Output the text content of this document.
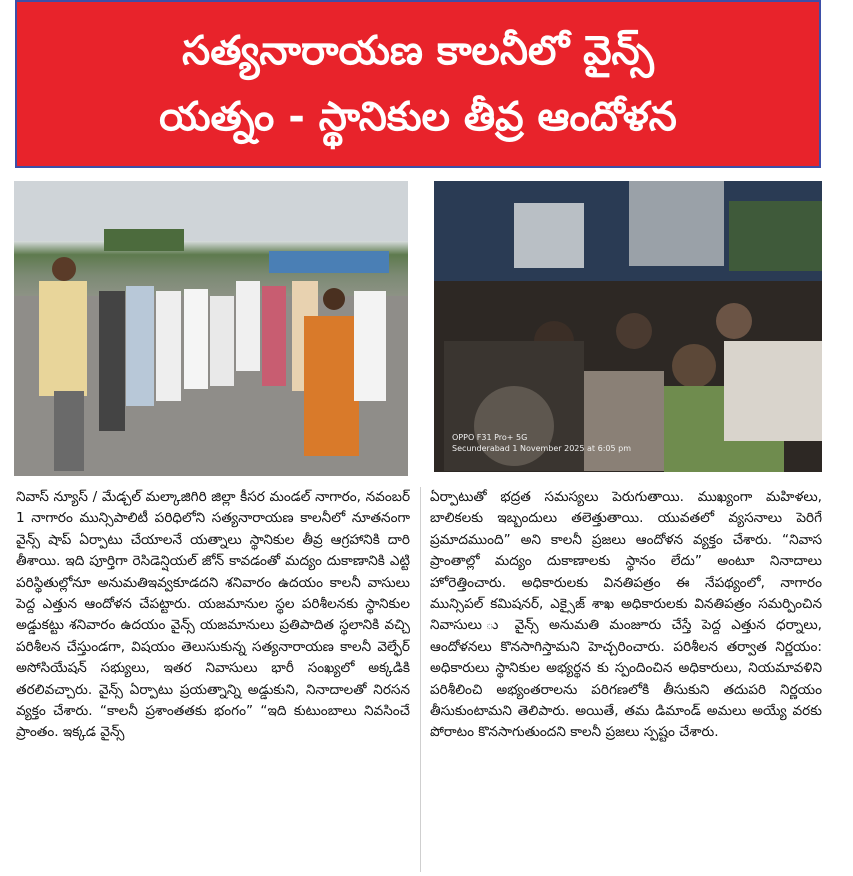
సత్యనారాయణ కాలనీలో వైన్స్
యత్నం - స్థానికుల తీవ్ర ఆందోళన
OPPO F31 Pro+ 5G
Secunderabad 1 November 2025 at 6:05 pm

నివాస్ న్యూస్ / మేడ్చల్ మల్కాజిగిరి జిల్లా కీసర మండల్ నాగారం, నవంబర్ 1 నాగారం మున్సిపాలిటీ పరిధిలోని సత్యనారాయణ కాలనీలో నూతనంగా వైన్స్ షాప్ ఏర్పాటు చేయాలనే యత్నాలు స్థానికుల తీవ్ర ఆగ్రహానికి దారి తీశాయి. ఇది పూర్తిగా రెసిడెన్షియల్ జోన్ కావడంతో మద్యం దుకాణానికి ఎట్టి పరిస్థితుల్లోనూ అనుమతిఇవ్వకూడదని శనివారం ఉదయం కాలనీ వాసులు పెద్ద ఎత్తున ఆందోళన చేపట్టారు. యజమానుల స్థల పరిశీలనకు స్థానికుల అడ్డుకట్టు శనివారం ఉదయం వైన్స్ యజమానులు ప్రతిపాదిత స్థలానికి వచ్చి పరిశీలన చేస్తుండగా, విషయం తెలుసుకున్న సత్యనారాయణ కాలనీ వెల్ఫేర్ అసోసియేషన్ సభ్యులు, ఇతర నివాసులు భారీ సంఖ్యలో అక్కడికి తరలివచ్చారు. వైన్స్ ఏర్పాటు ప్రయత్నాన్ని అడ్డుకుని, నినాదాలతో నిరసన వ్యక్తం చేశారు. “కాలనీ ప్రశాంతతకు భంగం” “ఇది కుటుంబాలు నివసించే ప్రాంతం. ఇక్కడ వైన్స్

ఏర్పాటుతో భద్రత సమస్యలు పెరుగుతాయి. ముఖ్యంగా మహిళలు, బాలికలకు ఇబ్బందులు తలెత్తుతాయి. యువతలో వ్యసనాలు పెరిగే ప్రమాదముంది” అని కాలనీ ప్రజలు ఆందోళన వ్యక్తం చేశారు. “నివాస ప్రాంతాల్లో మద్యం దుకాణాలకు స్థానం లేదు” అంటూ నినాదాలు హోరెత్తించారు. అధికారులకు వినతిపత్రం ఈ నేపథ్యంలో, నాగారం మున్సిపల్ కమిషనర్, ఎక్సైజ్ శాఖ అధికారులకు వినతిపత్రం సమర్పించిన నివాసులు ు వైన్స్ అనుమతి మంజూరు చేస్తే పెద్ద ఎత్తున ధర్నాలు, ఆందోళనలు కొనసాగిస్తామని హెచ్చరించారు. పరిశీలన తర్వాత నిర్ణయం: అధికారులు స్థానికుల అభ్యర్థన కు స్పందించిన అధికారులు, నియమావళిని పరిశీలించి అభ్యంతరాలను పరిగణలోకి తీసుకుని తదుపరి నిర్ణయం తీసుకుంటామని తెలిపారు. అయితే, తమ డిమాండ్ అమలు అయ్యే వరకు పోరాటం కొనసాగుతుందని కాలనీ ప్రజలు స్పష్టం చేశారు.
